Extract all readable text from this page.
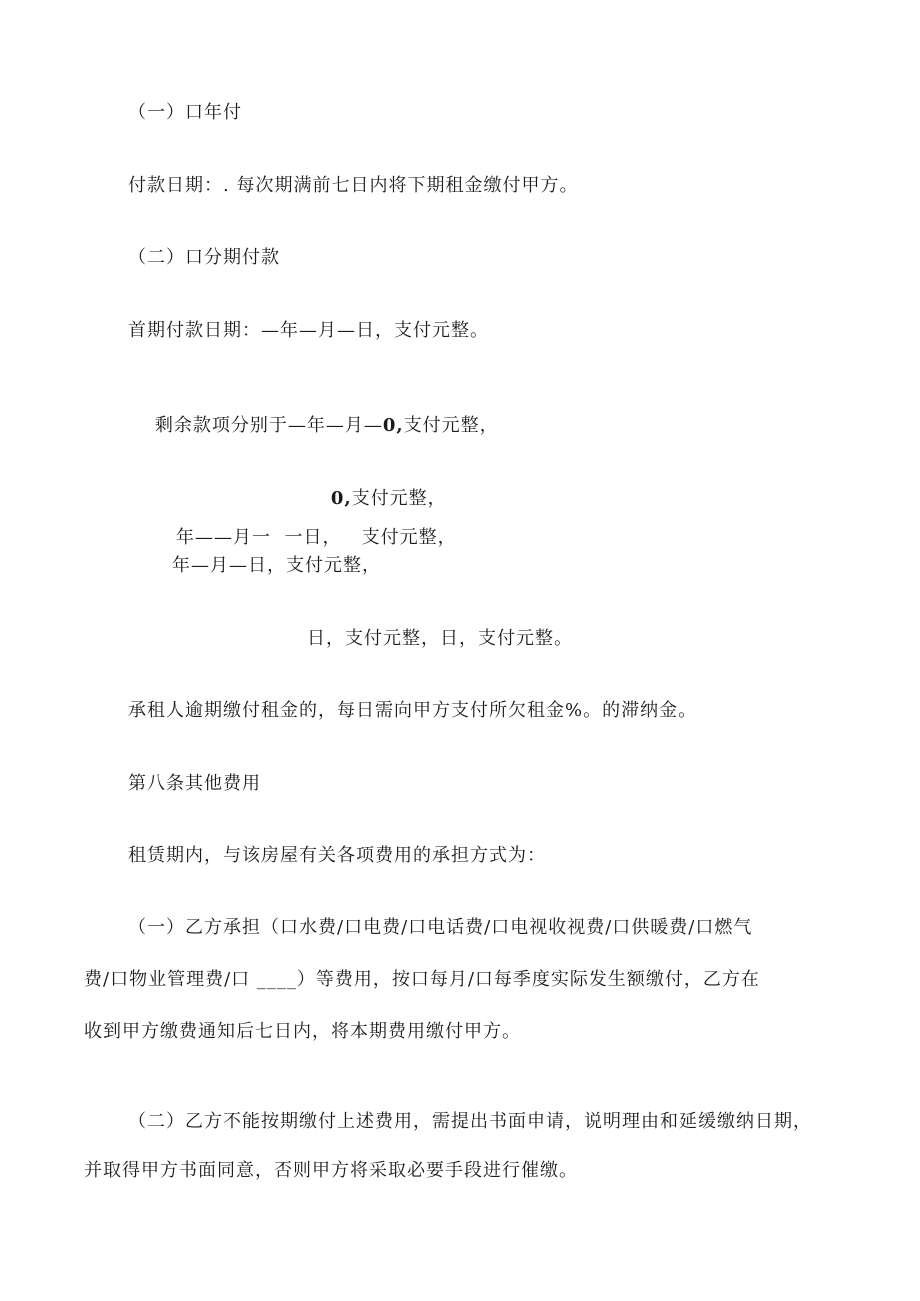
（一）口年付
付款日期：. 每次期满前七日内将下期租金缴付甲方。
（二）口分期付款
首期付款日期：—年—月—日，支付元整。

剩余款项分别于—年—月—0,支付元整，

0,支付元整，

年——月一  一日，   支付元整，
年—月—日，支付元整，
日，支付元整，日，支付元整。
承租人逾期缴付租金的，每日需向甲方支付所欠租金%。的滞纳金。
第八条其他费用
租赁期内，与该房屋有关各项费用的承担方式为：
（一）乙方承担（口水费/口电费/口电话费/口电视收视费/口供暖费/口燃气
费/口物业管理费/口 ____）等费用，按口每月/口每季度实际发生额缴付，乙方在
收到甲方缴费通知后七日内，将本期费用缴付甲方。
（二）乙方不能按期缴付上述费用，需提出书面申请，说明理由和延缓缴纳日期，
并取得甲方书面同意，否则甲方将采取必要手段进行催缴。
